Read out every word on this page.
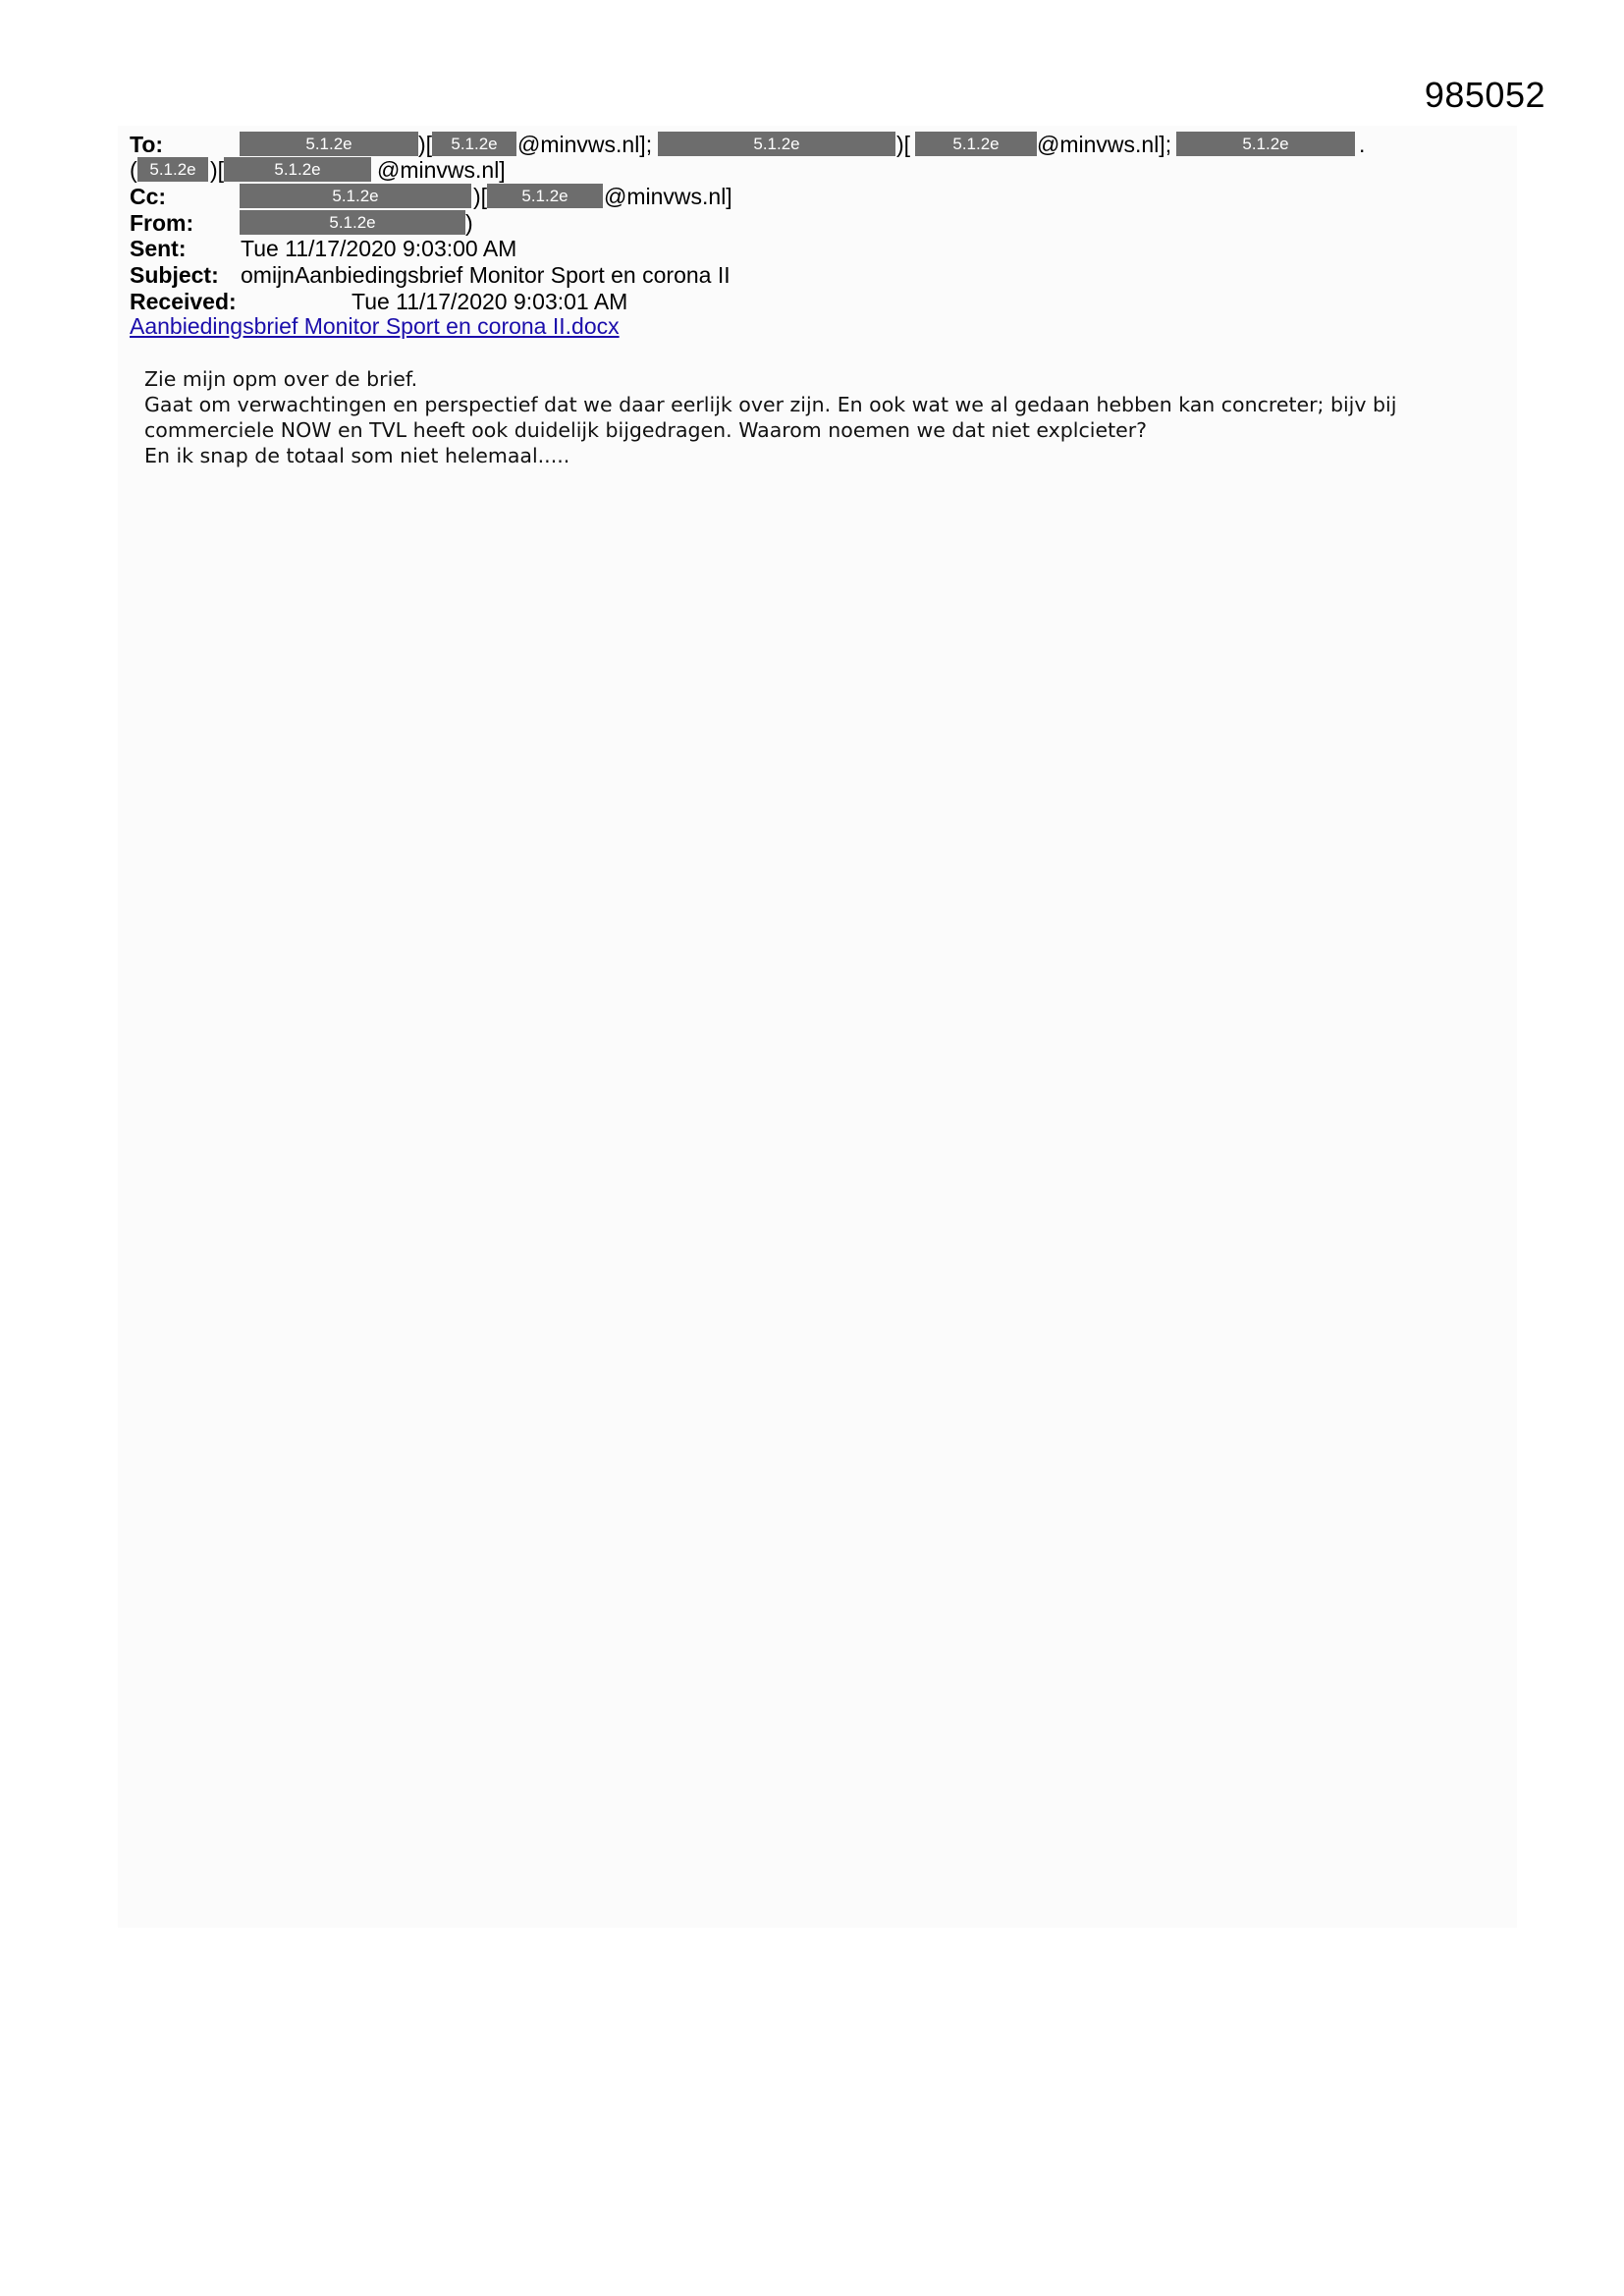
985052
To:	5.1.2e	)[	5.1.2e @minvws.nl];	5.1.2e	)[	5.1.2e	@minvws.nl];	5.1.2e	.
( 5.1.2e )[	5.1.2e	@minvws.nl]
Cc:	5.1.2e	)[	5.1.2e	@minvws.nl]
From:	5.1.2e	)
Sent: Tue 11/17/2020 9:03:00 AM
Subject: omijnAanbiedingsbrief Monitor Sport en corona II
Received:	Tue 11/17/2020 9:03:01 AM
Aanbiedingsbrief Monitor Sport en corona II.docx
Zie mijn opm over de brief.
Gaat om verwachtingen en perspectief dat we daar eerlijk over zijn. En ook wat we al gedaan hebben kan concreter; bijv bij
commerciele NOW en TVL heeft ook duidelijk bijgedragen. Waarom noemen we dat niet explcieter?
En ik snap de totaal som niet helemaal.....
